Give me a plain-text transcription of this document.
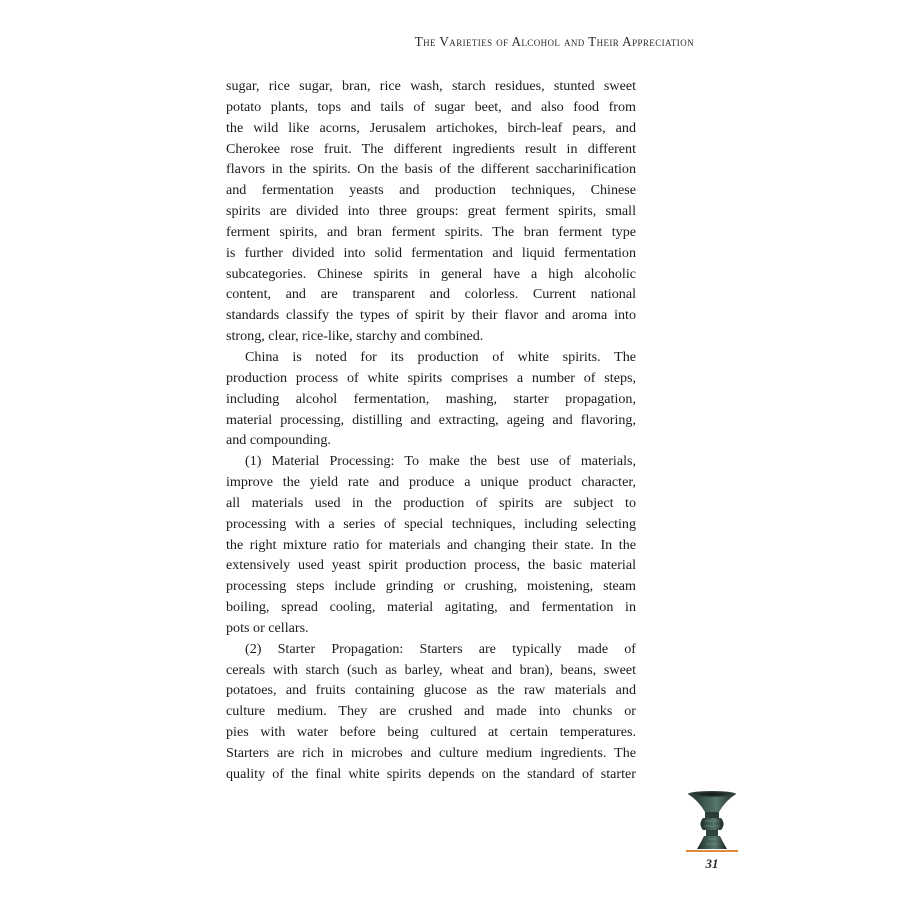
The Varieties of Alcohol and Their Appreciation
sugar, rice sugar, bran, rice wash, starch residues, stunted sweet
potato plants, tops and tails of sugar beet, and also food from
the wild like acorns, Jerusalem artichokes, birch-leaf pears, and
Cherokee rose fruit. The different ingredients result in different
flavors in the spirits. On the basis of the different saccharinification
and fermentation yeasts and production techniques, Chinese
spirits are divided into three groups: great ferment spirits, small
ferment spirits, and bran ferment spirits. The bran ferment type
is further divided into solid fermentation and liquid fermentation
subcategories. Chinese spirits in general have a high alcoholic
content, and are transparent and colorless. Current national
standards classify the types of spirit by their flavor and aroma into
strong, clear, rice-like, starchy and combined.
China is noted for its production of white spirits. The
production process of white spirits comprises a number of steps,
including alcohol fermentation, mashing, starter propagation,
material processing, distilling and extracting, ageing and flavoring,
and compounding.
(1) Material Processing: To make the best use of materials,
improve the yield rate and produce a unique product character,
all materials used in the production of spirits are subject to
processing with a series of special techniques, including selecting
the right mixture ratio for materials and changing their state. In the
extensively used yeast spirit production process, the basic material
processing steps include grinding or crushing, moistening, steam
boiling, spread cooling, material agitating, and fermentation in
pots or cellars.
(2) Starter Propagation: Starters are typically made of
cereals with starch (such as barley, wheat and bran), beans, sweet
potatoes, and fruits containing glucose as the raw materials and
culture medium. They are crushed and made into chunks or
pies with water before being cultured at certain temperatures.
Starters are rich in microbes and culture medium ingredients. The
quality of the final white spirits depends on the standard of starter
31
